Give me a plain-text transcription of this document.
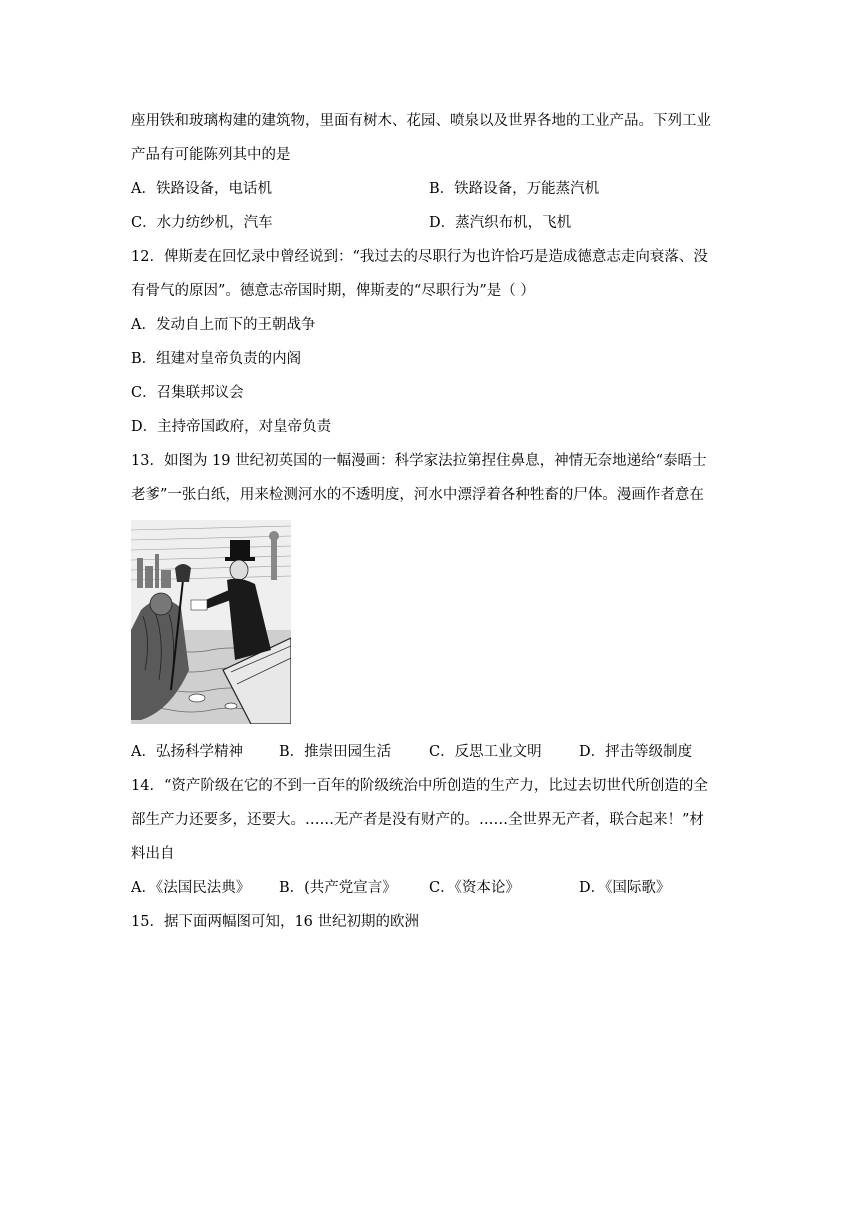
座用铁和玻璃构建的建筑物，里面有树木、花园、喷泉以及世界各地的工业产品。下列工业
产品有可能陈列其中的是
A．铁路设备，电话机	B．铁路设备，万能蒸汽机
C．水力纺纱机，汽车	D．蒸汽织布机，飞机
12．俾斯麦在回忆录中曾经说到：“我过去的尽职行为也许恰巧是造成德意志走向衰落、没
有骨气的原因”。德意志帝国时期，俾斯麦的“尽职行为”是（ ）
A．发动自上而下的王朝战争
B．组建对皇帝负责的内阁
C．召集联邦议会
D．主持帝国政府，对皇帝负责
13．如图为 19 世纪初英国的一幅漫画：科学家法拉第捏住鼻息，神情无奈地递给“泰晤士
老爹”一张白纸，用来检测河水的不透明度，河水中漂浮着各种牲畜的尸体。漫画作者意在
A．弘扬科学精神 B．推崇田园生活	C．反思工业文明	D．抨击等级制度
14．“资产阶级在它的不到一百年的阶级统治中所创造的生产力，比过去切世代所创造的全
部生产力还要多，还要大。……无产者是没有财产的。……全世界无产者，联合起来！”材
料出自
A．《法国民法典》 B．(共产党宣言》 C．《资本论》	D．《国际歌》
15．据下面两幅图可知，16 世纪初期的欧洲
